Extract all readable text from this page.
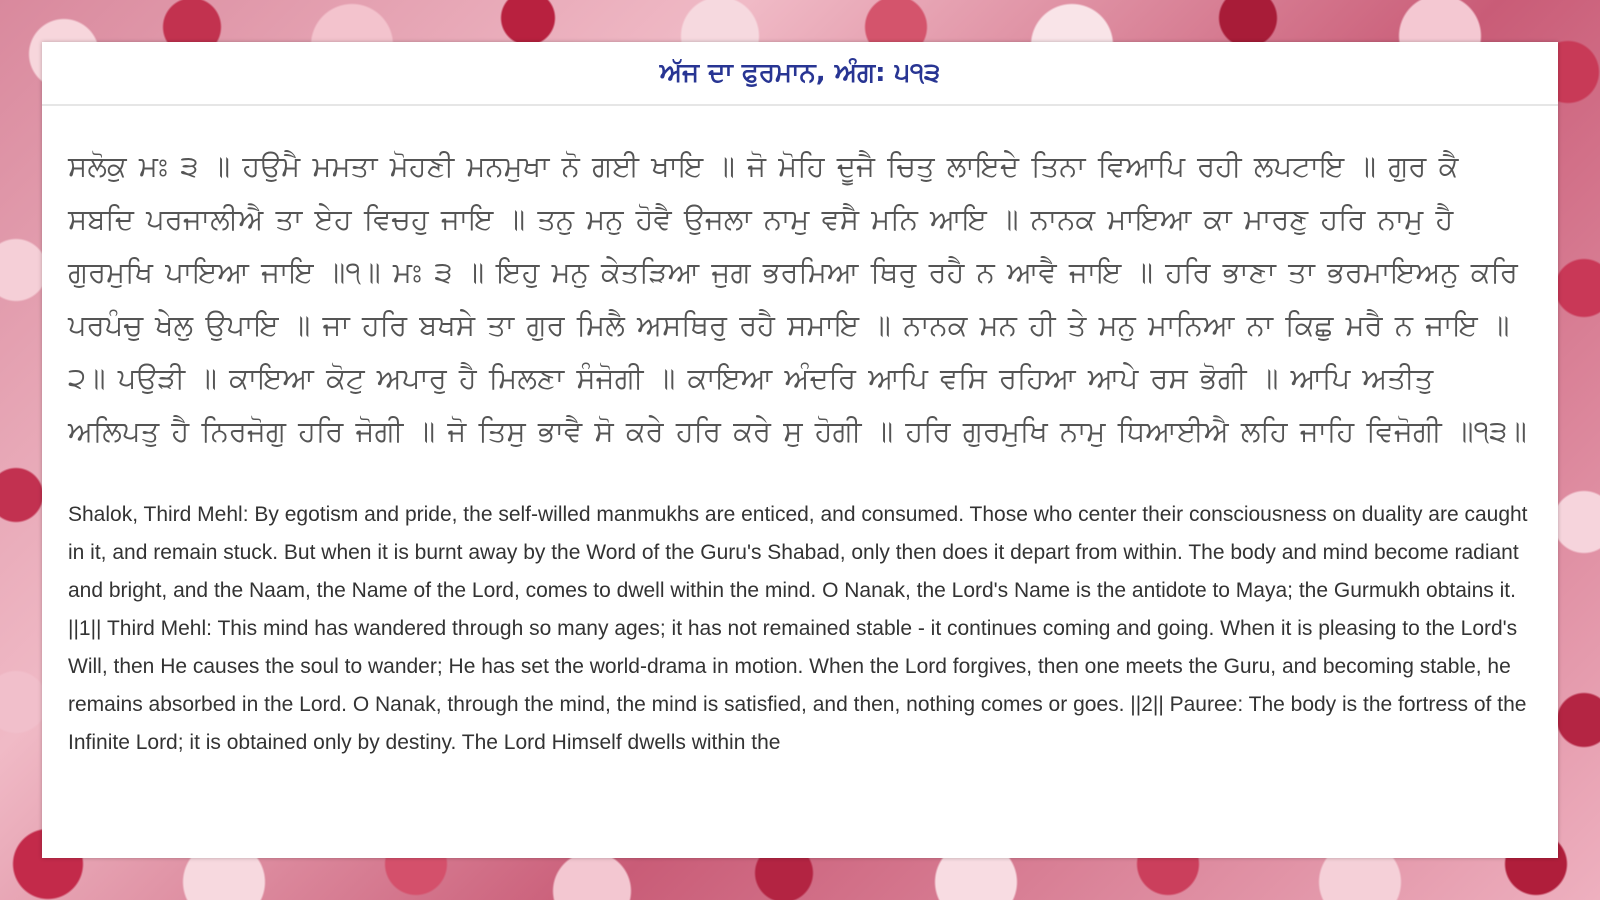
ਅੱਜ ਦਾ ਫੁਰਮਾਨ, ਅੰਗ: ੫੧੩

ਸਲੋਕੁ ਮਃ ੩ ॥ ਹਉਮੈ ਮਮਤਾ ਮੋਹਣੀ ਮਨਮੁਖਾ ਨੋ ਗਈ ਖਾਇ ॥ ਜੋ ਮੋਹਿ ਦੂਜੈ ਚਿਤੁ ਲਾਇਦੇ ਤਿਨਾ ਵਿਆਪਿ ਰਹੀ ਲਪਟਾਇ ॥ ਗੁਰ ਕੈ ਸਬਦਿ ਪਰਜਾਲੀਐ ਤਾ ਏਹ ਵਿਚਹੁ ਜਾਇ ॥ ਤਨੁ ਮਨੁ ਹੋਵੈ ਉਜਲਾ ਨਾਮੁ ਵਸੈ ਮਨਿ ਆਇ ॥ ਨਾਨਕ ਮਾਇਆ ਕਾ ਮਾਰਣੁ ਹਰਿ ਨਾਮੁ ਹੈ ਗੁਰਮੁਖਿ ਪਾਇਆ ਜਾਇ ॥੧॥ ਮਃ ੩ ॥ ਇਹੁ ਮਨੁ ਕੇਤੜਿਆ ਜੁਗ ਭਰਮਿਆ ਥਿਰੁ ਰਹੈ ਨ ਆਵੈ ਜਾਇ ॥ ਹਰਿ ਭਾਣਾ ਤਾ ਭਰਮਾਇਅਨੁ ਕਰਿ ਪਰਪੰਚੁ ਖੇਲੁ ਉਪਾਇ ॥ ਜਾ ਹਰਿ ਬਖਸੇ ਤਾ ਗੁਰ ਮਿਲੈ ਅਸਥਿਰੁ ਰਹੈ ਸਮਾਇ ॥ ਨਾਨਕ ਮਨ ਹੀ ਤੇ ਮਨੁ ਮਾਨਿਆ ਨਾ ਕਿਛੁ ਮਰੈ ਨ ਜਾਇ ॥੨॥ ਪਉੜੀ ॥ ਕਾਇਆ ਕੋਟੁ ਅਪਾਰੁ ਹੈ ਮਿਲਣਾ ਸੰਜੋਗੀ ॥ ਕਾਇਆ ਅੰਦਰਿ ਆਪਿ ਵਸਿ ਰਹਿਆ ਆਪੇ ਰਸ ਭੋਗੀ ॥ ਆਪਿ ਅਤੀਤੁ ਅਲਿਪਤੁ ਹੈ ਨਿਰਜੋਗੁ ਹਰਿ ਜੋਗੀ ॥ ਜੋ ਤਿਸੁ ਭਾਵੈ ਸੋ ਕਰੇ ਹਰਿ ਕਰੇ ਸੁ ਹੋਗੀ ॥ ਹਰਿ ਗੁਰਮੁਖਿ ਨਾਮੁ ਧਿਆਈਐ ਲਹਿ ਜਾਹਿ ਵਿਜੋਗੀ ॥੧੩॥

Shalok, Third Mehl: By egotism and pride, the self-willed manmukhs are enticed, and consumed. Those who center their consciousness on duality are caught in it, and remain stuck. But when it is burnt away by the Word of the Guru's Shabad, only then does it depart from within. The body and mind become radiant and bright, and the Naam, the Name of the Lord, comes to dwell within the mind. O Nanak, the Lord's Name is the antidote to Maya; the Gurmukh obtains it. ||1|| Third Mehl: This mind has wandered through so many ages; it has not remained stable - it continues coming and going. When it is pleasing to the Lord's Will, then He causes the soul to wander; He has set the world-drama in motion. When the Lord forgives, then one meets the Guru, and becoming stable, he remains absorbed in the Lord. O Nanak, through the mind, the mind is satisfied, and then, nothing comes or goes. ||2|| Pauree: The body is the fortress of the Infinite Lord; it is obtained only by destiny. The Lord Himself dwells within the
